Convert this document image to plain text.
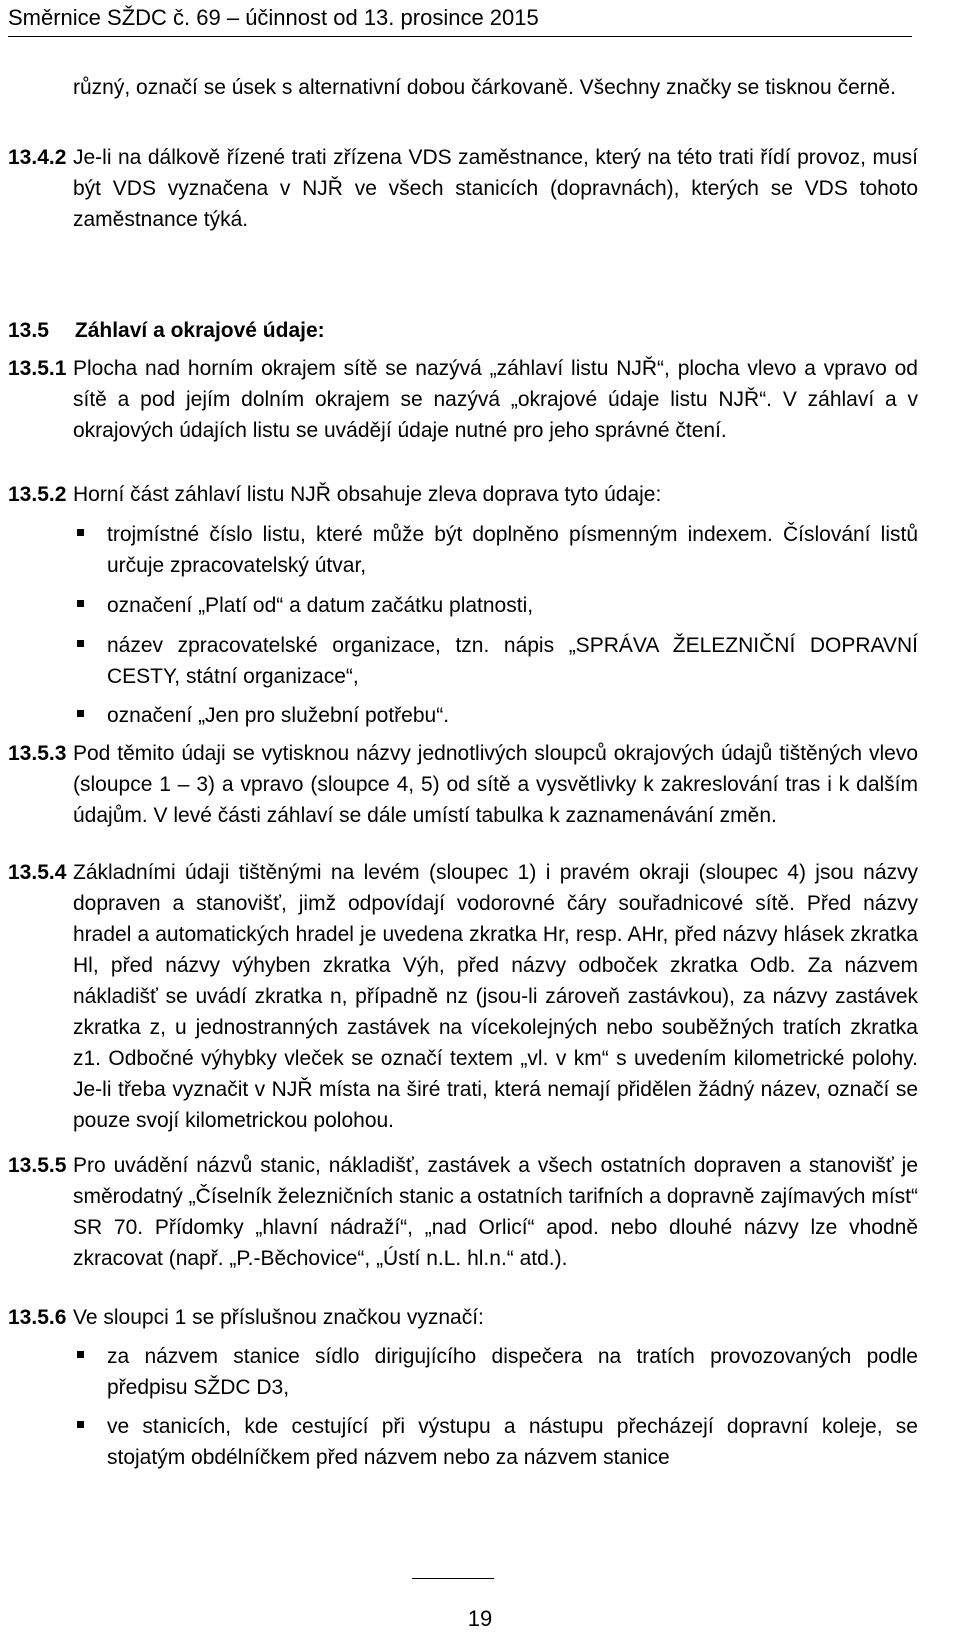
Směrnice SŽDC č. 69 – účinnost od 13. prosince 2015
různý, označí se úsek s alternativní dobou čárkovaně. Všechny značky se tisknou černě.
13.4.2 Je-li na dálkově řízené trati zřízena VDS zaměstnance, který na této trati řídí provoz, musí být VDS vyznačena v NJŘ ve všech stanicích (dopravnách), kterých se VDS tohoto zaměstnance týká.
13.5 Záhlaví a okrajové údaje:
13.5.1 Plocha nad horním okrajem sítě se nazývá „záhlaví listu NJŘ“, plocha vlevo a vpravo od sítě a pod jejím dolním okrajem se nazývá „okrajové údaje listu NJŘ“. V záhlaví a v okrajových údajích listu se uvádějí údaje nutné pro jeho správné čtení.
13.5.2 Horní část záhlaví listu NJŘ obsahuje zleva doprava tyto údaje:
trojmístné číslo listu, které může být doplněno písmenným indexem. Číslování listů určuje zpracovatelský útvar,
označení „Platí od“ a datum začátku platnosti,
název zpracovatelské organizace, tzn. nápis „SPRÁVA ŽELEZNIČNÍ DOPRAVNÍ CESTY, státní organizace“,
označení „Jen pro služební potřebu“.
13.5.3 Pod těmito údaji se vytisknou názvy jednotlivých sloupců okrajových údajů tištěných vlevo (sloupce 1 – 3) a vpravo (sloupce 4, 5) od sítě a vysvětlivky k zakreslování tras i k dalším údajům. V levé části záhlaví se dále umístí tabulka k zaznamenávání změn.
13.5.4 Základními údaji tištěnými na levém (sloupec 1) i pravém okraji (sloupec 4) jsou názvy dopraven a stanovišť, jimž odpovídají vodorovné čáry souřadnicové sítě. Před názvy hradel a automatických hradel je uvedena zkratka Hr, resp. AHr, před názvy hlásek zkratka Hl, před názvy výhyben zkratka Výh, před názvy odboček zkratka Odb. Za názvem nákladišť se uvádí zkratka n, případně nz (jsou-li zároveň zastávkou), za názvy zastávek zkratka z, u jednostranných zastávek na vícekolejných nebo souběžných tratích zkratka z1. Odbočné výhybky vleček se označí textem „vl. v km“ s uvedením kilometrické polohy. Je-li třeba vyznačit v NJŘ místa na širé trati, která nemají přidělen žádný název, označí se pouze svojí kilometrickou polohou.
13.5.5 Pro uvádění názvů stanic, nákladišť, zastávek a všech ostatních dopraven a stanovišť je směrodatný „Číselník železničních stanic a ostatních tarifních a dopravně zajímavých míst“ SR 70. Přídomky „hlavní nádraží“, „nad Orlicí“ apod. nebo dlouhé názvy lze vhodně zkracovat (např. „P.-Běchovice“, „Ústí n.L. hl.n.“ atd.).
13.5.6 Ve sloupci 1 se příslušnou značkou vyznačí:
za názvem stanice sídlo dirigujícího dispečera na tratích provozovaných podle předpisu SŽDC D3,
ve stanicích, kde cestující při výstupu a nástupu přecházejí dopravní koleje, se stojatým obdélníčkem před názvem nebo za názvem stanice
19
